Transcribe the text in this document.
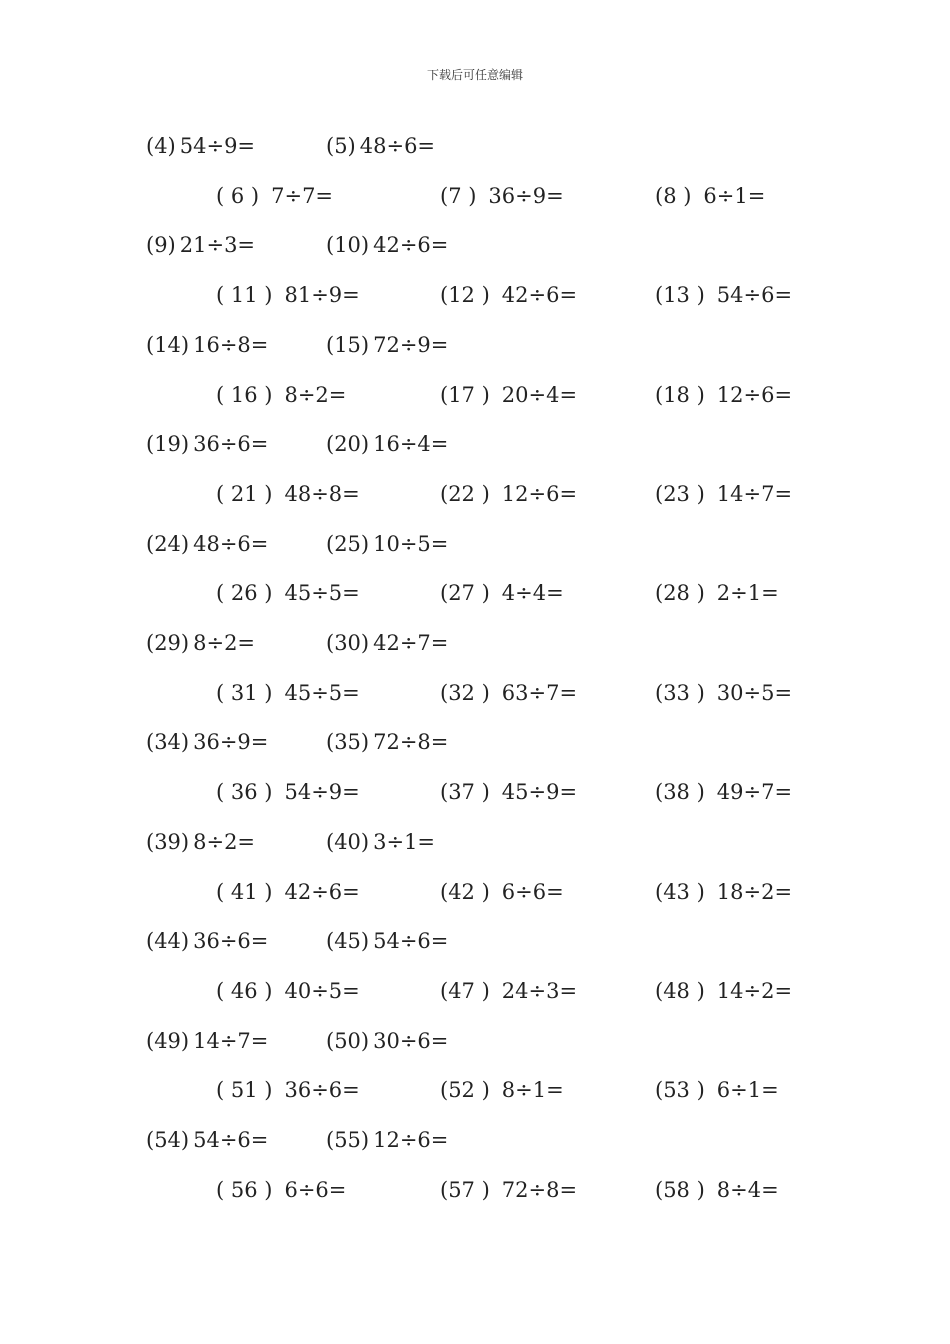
下载后可任意编辑
(4) 54÷9=	(5) 48÷6=
( 6 ) 7÷7=	(7 ) 36÷9=	(8 ) 6÷1=
(9) 21÷3=	(10) 42÷6=
( 11 ) 81÷9=	(12 ) 42÷6=	(13 ) 54÷6=
(14) 16÷8=	(15) 72÷9=
( 16 ) 8÷2=	(17 ) 20÷4=	(18 ) 12÷6=
(19) 36÷6=	(20) 16÷4=
( 21 ) 48÷8=	(22 ) 12÷6=	(23 ) 14÷7=
(24) 48÷6=	(25) 10÷5=
( 26 ) 45÷5=	(27 ) 4÷4=	(28 ) 2÷1=
(29) 8÷2=	(30) 42÷7=
( 31 ) 45÷5=	(32 ) 63÷7=	(33 ) 30÷5=
(34) 36÷9=	(35) 72÷8=
( 36 ) 54÷9=	(37 ) 45÷9=	(38 ) 49÷7=
(39) 8÷2=	(40) 3÷1=
( 41 ) 42÷6=	(42 ) 6÷6=	(43 ) 18÷2=
(44) 36÷6=	(45) 54÷6=
( 46 ) 40÷5=	(47 ) 24÷3=	(48 ) 14÷2=
(49) 14÷7=	(50) 30÷6=
( 51 ) 36÷6=	(52 ) 8÷1=	(53 ) 6÷1=
(54) 54÷6=	(55) 12÷6=
( 56 ) 6÷6=	(57 ) 72÷8=	(58 ) 8÷4=
